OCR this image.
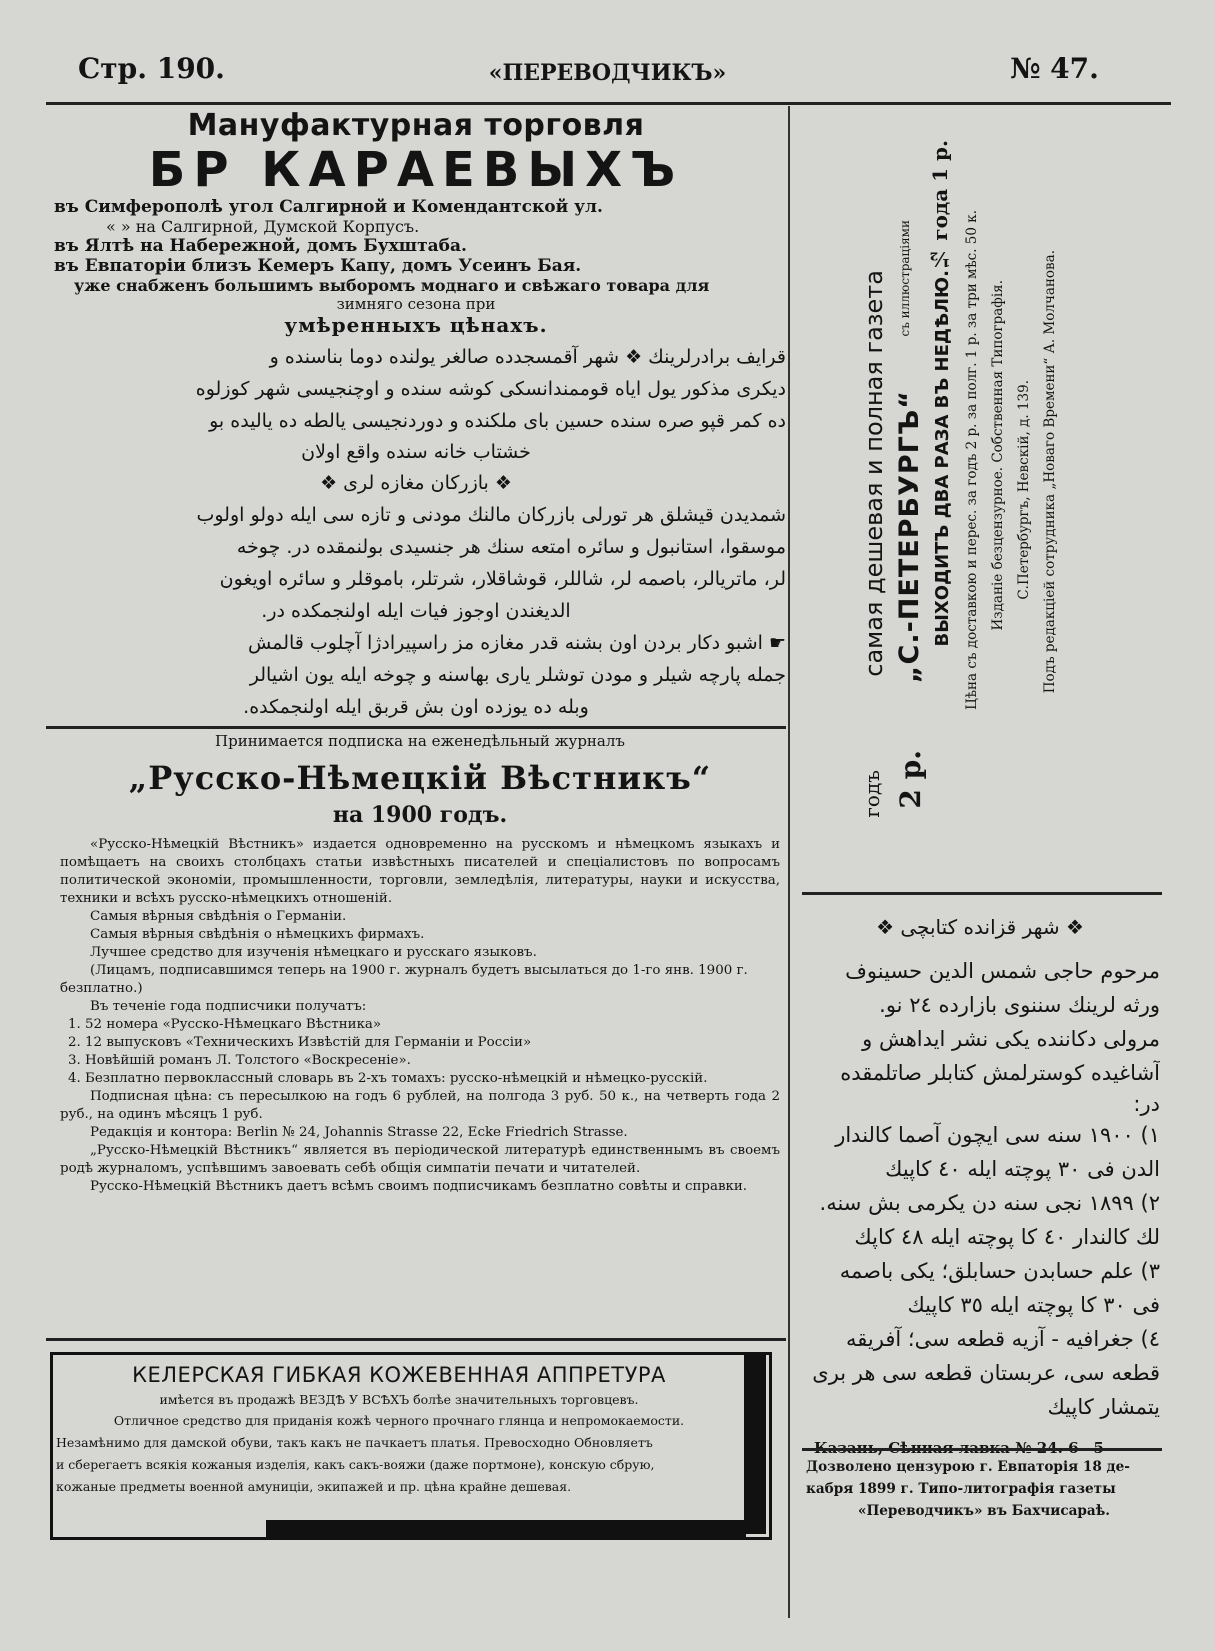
Стр. 190.	«ПЕРЕВОДЧИКЪ»	№ 47.
Мануфактурная торговля
БР КАРАЕВЫХЪ
въ Симферополѣ угол Салгирной и Комендантской ул.
« » на Салгирной, Думской Корпусъ.
въ Ялтѣ на Набережной, домъ Бухштаба.
въ Евпаторіи близъ Кемеръ Капу, домъ Усеинъ Бая.
уже снабженъ большимъ выборомъ моднаго и свѣжаго товара для
зимняго сезона при
умѣренныхъ цѣнахъ.
قرايف برادرلرينك ❖ شهر آقمسجدده صالغر يولنده دوما بناسنده و
ديكرى مذكور يول اياه قوممندانسكى كوشه سنده و اوچنجيسى شهر كوزلوه
ده كمر قپو صره سنده حسين باى ملكنده و دوردنجيسى يالطه ده ياليده بو
خشتاب خانه سنده واقع اولان
❖ بازركان مغازه لرى ❖
شمديدن قيشلق هر تورلى بازركان مالنك مودنى و تازه سى ايله دولو اولوب
موسقوا، استانبول و سائره امتعه سنك هر جنسيدى بولنمقده در. چوخه
لر، ماتريالر، باصمه لر، شاللر، قوشاقلار، شرتلر، باموقلر و سائره اويغون
الديغندن اوجوز فيات ايله اولنجمكده در.
☛ اشبو دكار بردن اون بشنه قدر مغازه مز راسپيرادژا آچلوب قالمش
جمله پارچه شيلر و مودن توشلر يارى بهاسنه و چوخه ايله يون اشيالر
وبله ده يوزده اون بش قربق ايله اولنجمكده.
Принимается подписка на еженедѣльный журналъ
„Русско-Нѣмецкій Вѣстникъ“
на 1900 годъ.
«Русско-Нѣмецкій Вѣстникъ» издается одновременно на русскомъ и нѣмецкомъ языкахъ и помѣщаетъ на своихъ столбцахъ статьи извѣстныхъ писателей и спеціалистовъ по вопросамъ политической экономіи, промышленности, торговли, земледѣлія, литературы, науки и искусства, техники и всѣхъ русско-нѣмецкихъ отношеній.
Самыя вѣрныя свѣдѣнія о Германіи.
Самыя вѣрныя свѣдѣнія о нѣмецкихъ фирмахъ.
Лучшее средство для изученія нѣмецкаго и русскаго языковъ.
(Лицамъ, подписавшимся теперь на 1900 г. журналъ будетъ высылаться до 1-го янв. 1900 г. безплатно.)
Въ теченіе года подписчики получатъ:
1. 52 номера «Русско-Нѣмецкаго Вѣстника»
2. 12 выпусковъ «Техническихъ Извѣстій для Германіи и Россіи»
3. Новѣйшій романъ Л. Толстого «Воскресеніе».
4. Безплатно первоклассный словарь въ 2-хъ томахъ: русско-нѣмецкій и нѣмецко-русскій.
Подписная цѣна: съ пересылкою на годъ 6 рублей, на полгода 3 руб. 50 к., на четверть года 2 руб., на одинъ мѣсяцъ 1 руб.
Редакція и контора: Berlin № 24, Johannis Strasse 22, Ecke Friedrich Strasse.
„Русско-Нѣмецкій Вѣстникъ“ является въ періодической литературѣ единственнымъ въ своемъ родѣ журналомъ, успѣвшимъ завоевать себѣ общія симпатіи печати и читателей.
Русско-Нѣмецкій Вѣстникъ даетъ всѣмъ своимъ подписчикамъ безплатно совѣты и справки.
КЕЛЕРСКАЯ ГИБКАЯ КОЖЕВЕННАЯ АППРЕТУРА
имѣется въ продажѣ ВЕЗДѢ У ВСѢХЪ болѣе значительныхъ торговцевъ.
Отличное средство для приданія кожѣ черного прочнаго глянца и непромокаемости.
Незамѣнимо для дамской обуви, такъ какъ не пачкаетъ платья. Превосходно Обновляетъ
и сберегаетъ всякія кожаныя изделія, какъ сакъ-вояжи (даже портмоне), конскую сбрую,
кожаные предметы военной амуниціи, экипажей и пр. цѣна крайне дешевая.
самая дешевая и полная газета „С.-ПЕТЕРБУРГЪ“
съ иллюстраціями ВЫХОДИТЪ ДВА РАЗА ВЪ НЕДѢЛЮ.
½ года 1 р.
годъ 2 р.
Цѣна съ доставкою и перес. за годъ 2 р. за полг. 1 р. за три мѣс. 50 к. Изданіе безцензурное. Собственная Типографія. С.Петербургъ, Невскій, д. 139. Подъ редакціей сотрудника „Новаго Времени“ А. Молчанова.
❖ شهر قزانده كتابچى ❖
مرحوم حاجى شمس الدين حسينوف
ورثه لرينك سننوى بازارده ٢٤ نو.
مرولى دكاننده يكى نشر ايداهش و
آشاغيده كوسترلمش كتابلر صاتلمقده
در:
١) ١٩٠٠ سنه سى ايچون آصما كالندار
الدن فى ٣٠ پوچته ايله ٤٠ كاپيك
٢) ١٨٩٩ نجى سنه دن يكرمى بش سنه.
لك كالندار ٤٠ كا پوچته ايله ٤٨ كاپك
٣) علم حسابدن حسابلق؛ يكى باصمه
فى ٣٠ كا پوچته ايله ٣٥ كاپيك
٤) جغرافيه - آزيه قطعه سى؛ آفريقه
قطعه سى، عربستان قطعه سى هر برى
يتمشار كاپيك
Дозволено цензурою г. Евпаторія 18 де-
кабря 1899 г. Типо-литографія газеты
«Переводчикъ» въ Бахчисараѣ.
